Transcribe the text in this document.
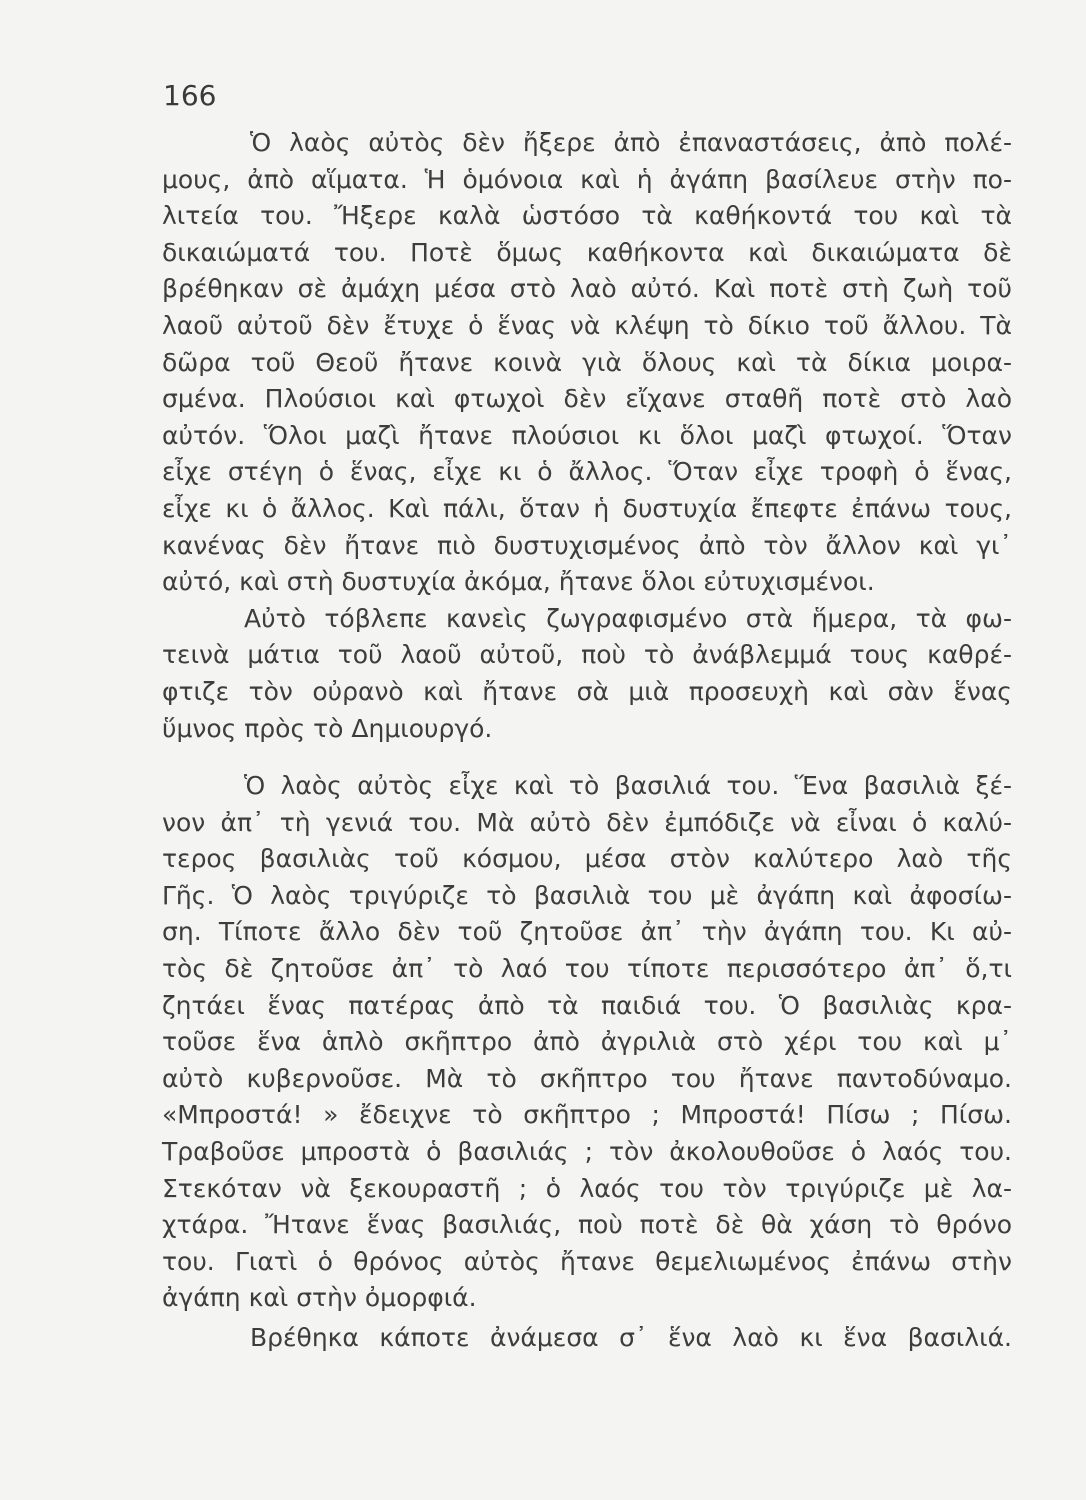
166
Ὁ λαὸς αὐτὸς δὲν ἤξερε ἀπὸ ἐπαναστάσεις, ἀπὸ πολέ-
μους, ἀπὸ αἵματα. Ἡ ὁμόνοια καὶ ἡ ἀγάπη βασίλευε στὴν πο-
λιτεία του. Ἤξερε καλὰ ὡστόσο τὰ καθήκοντά του καὶ τὰ
δικαιώματά του. Ποτὲ ὅμως καθήκοντα καὶ δικαιώματα δὲ
βρέθηκαν σὲ ἀμάχη μέσα στὸ λαὸ αὐτό. Καὶ ποτὲ στὴ ζωὴ τοῦ
λαοῦ αὐτοῦ δὲν ἔτυχε ὁ ἕνας νὰ κλέψη τὸ δίκιο τοῦ ἄλλου. Τὰ
δῶρα τοῦ Θεοῦ ἤτανε κοινὰ γιὰ ὅλους καὶ τὰ δίκια μοιρα-
σμένα. Πλούσιοι καὶ φτωχοὶ δὲν εἴχανε σταθῆ ποτὲ στὸ λαὸ
αὐτόν. Ὅλοι μαζὶ ἤτανε πλούσιοι κι ὅλοι μαζὶ φτωχοί. Ὅταν
εἶχε στέγη ὁ ἕνας, εἶχε κι ὁ ἄλλος. Ὅταν εἶχε τροφὴ ὁ ἕνας,
εἶχε κι ὁ ἄλλος. Καὶ πάλι, ὅταν ἡ δυστυχία ἔπεφτε ἐπάνω τους,
κανένας δὲν ἤτανε πιὸ δυστυχισμένος ἀπὸ τὸν ἄλλον καὶ γι᾽
αὐτό, καὶ στὴ δυστυχία ἀκόμα, ἤτανε ὅλοι εὐτυχισμένοι.
Αὐτὸ τόβλεπε κανεὶς ζωγραφισμένο στὰ ἥμερα, τὰ φω-
τεινὰ μάτια τοῦ λαοῦ αὐτοῦ, ποὺ τὸ ἀνάβλεμμά τους καθρέ-
φτιζε τὸν οὐρανὸ καὶ ἤτανε σὰ μιὰ προσευχὴ καὶ σὰν ἕνας
ὕμνος πρὸς τὸ Δημιουργό.
Ὁ λαὸς αὐτὸς εἶχε καὶ τὸ βασιλιά του. Ἕνα βασιλιὰ ξέ-
νον ἀπ᾽ τὴ γενιά του. Μὰ αὐτὸ δὲν ἐμπόδιζε νὰ εἶναι ὁ καλύ-
τερος βασιλιὰς τοῦ κόσμου, μέσα στὸν καλύτερο λαὸ τῆς
Γῆς. Ὁ λαὸς τριγύριζε τὸ βασιλιὰ του μὲ ἀγάπη καὶ ἀφοσίω-
ση. Τίποτε ἄλλο δὲν τοῦ ζητοῦσε ἀπ᾽ τὴν ἀγάπη του. Κι αὐ-
τὸς δὲ ζητοῦσε ἀπ᾽ τὸ λαό του τίποτε περισσότερο ἀπ᾽ ὅ,τι
ζητάει ἕνας πατέρας ἀπὸ τὰ παιδιά του. Ὁ βασιλιὰς κρα-
τοῦσε ἕνα ἁπλὸ σκῆπτρο ἀπὸ ἀγριλιὰ στὸ χέρι του καὶ μ᾽
αὐτὸ κυβερνοῦσε. Μὰ τὸ σκῆπτρο του ἤτανε παντοδύναμο.
«Μπροστά! » ἔδειχνε τὸ σκῆπτρο ; Μπροστά! Πίσω ; Πίσω.
Τραβοῦσε μπροστὰ ὁ βασιλιάς ; τὸν ἀκολουθοῦσε ὁ λαός του.
Στεκόταν νὰ ξεκουραστῆ ; ὁ λαός του τὸν τριγύριζε μὲ λα-
χτάρα. Ἤτανε ἕνας βασιλιάς, ποὺ ποτὲ δὲ θὰ χάση τὸ θρόνο
του. Γιατὶ ὁ θρόνος αὐτὸς ἤτανε θεμελιωμένος ἐπάνω στὴν
ἀγάπη καὶ στὴν ὀμορφιά.
Βρέθηκα κάποτε ἀνάμεσα σ᾽ ἕνα λαὸ κι ἕνα βασιλιά.
